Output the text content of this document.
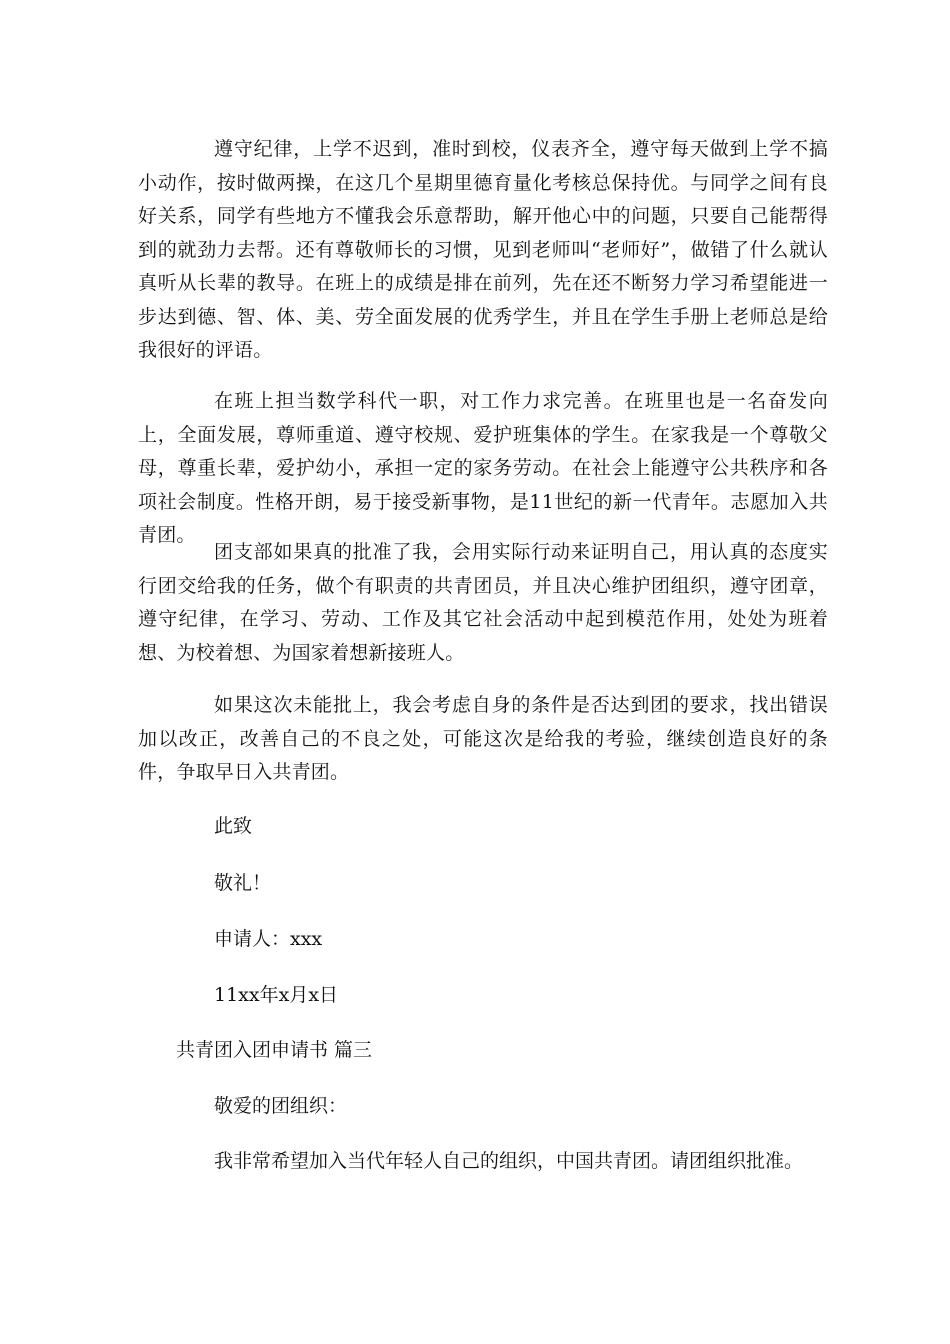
遵守纪律，上学不迟到，准时到校，仪表齐全，遵守每天做到上学不搞小动作，按时做两操，在这几个星期里德育量化考核总保持优。与同学之间有良好关系，同学有些地方不懂我会乐意帮助，解开他心中的问题，只要自己能帮得到的就劲力去帮。还有尊敬师长的习惯，见到老师叫“老师好”，做错了什么就认真听从长辈的教导。在班上的成绩是排在前列，先在还不断努力学习希望能进一步达到德、智、体、美、劳全面发展的优秀学生，并且在学生手册上老师总是给我很好的评语。

在班上担当数学科代一职，对工作力求完善。在班里也是一名奋发向上，全面发展，尊师重道、遵守校规、爱护班集体的学生。在家我是一个尊敬父母，尊重长辈，爱护幼小，承担一定的家务劳动。在社会上能遵守公共秩序和各项社会制度。性格开朗，易于接受新事物，是11世纪的新一代青年。志愿加入共青团。

团支部如果真的批准了我，会用实际行动来证明自己，用认真的态度实行团交给我的任务，做个有职责的共青团员，并且决心维护团组织，遵守团章，遵守纪律，在学习、劳动、工作及其它社会活动中起到模范作用，处处为班着想、为校着想、为国家着想新接班人。

如果这次未能批上，我会考虑自身的条件是否达到团的要求，找出错误加以改正，改善自己的不良之处，可能这次是给我的考验，继续创造良好的条件，争取早日入共青团。

此致

敬礼！

申请人：xxx

11xx年x月x日

共青团入团申请书 篇三

敬爱的团组织：

我非常希望加入当代年轻人自己的组织，中国共青团。请团组织批准。
